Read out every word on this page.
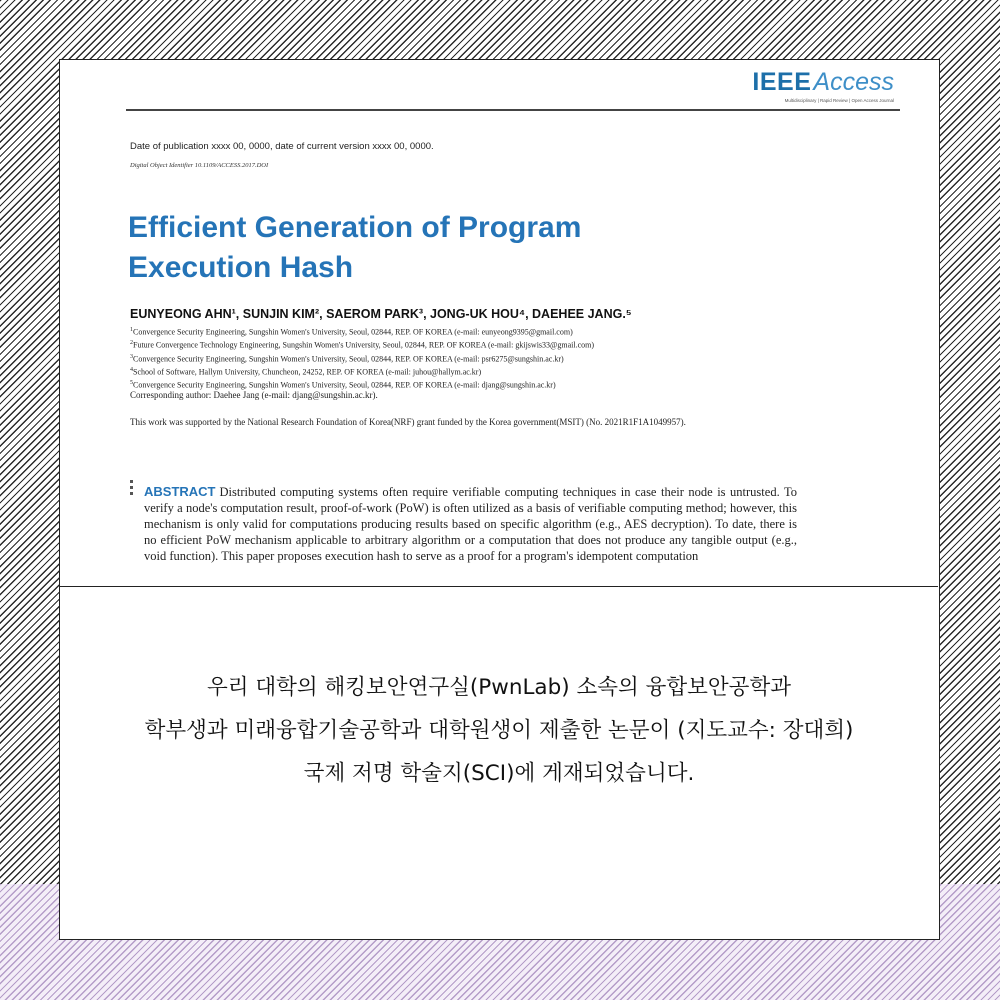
IEEEAccess
Multidisciplinary | Rapid Review | Open Access Journal
Date of publication xxxx 00, 0000, date of current version xxxx 00, 0000.
Digital Object Identifier 10.1109/ACCESS.2017.DOI
Efficient Generation of Program
Execution Hash
EUNYEONG AHN¹, SUNJIN KIM², SAEROM PARK³, JONG-UK HOU⁴, DAEHEE JANG.⁵
$^1$Convergence Security Engineering, Sungshin Women's University, Seoul, 02844, REP. OF KOREA (e-mail: eunyeong9395@gmail.com)
$^2$Future Convergence Technology Engineering, Sungshin Women's University, Seoul, 02844, REP. OF KOREA (e-mail: gkijswis33@gmail.com)
$^3$Convergence Security Engineering, Sungshin Women's University, Seoul, 02844, REP. OF KOREA (e-mail: psr6275@sungshin.ac.kr)
$^4$School of Software, Hallym University, Chuncheon, 24252, REP. OF KOREA (e-mail: juhou@hallym.ac.kr)
$^5$Convergence Security Engineering, Sungshin Women's University, Seoul, 02844, REP. OF KOREA (e-mail: djang@sungshin.ac.kr)
Corresponding author: Daehee Jang (e-mail: djang@sungshin.ac.kr).
This work was supported by the National Research Foundation of Korea(NRF) grant funded by the Korea government(MSIT) (No. 2021R1F1A1049957).
ABSTRACT Distributed computing systems often require verifiable computing techniques in case their node is untrusted. To verify a node's computation result, proof-of-work (PoW) is often utilized as a basis of verifiable computing method; however, this mechanism is only valid for computations producing results based on specific algorithm (e.g., AES decryption). To date, there is no efficient PoW mechanism applicable to arbitrary algorithm or a computation that does not produce any tangible output (e.g., void function). This paper proposes execution hash to serve as a proof for a program's idempotent computation
우리 대학의 해킹보안연구실(PwnLab) 소속의 융합보안공학과
학부생과 미래융합기술공학과 대학원생이 제출한 논문이 (지도교수: 장대희)
국제 저명 학술지(SCI)에 게재되었습니다.
